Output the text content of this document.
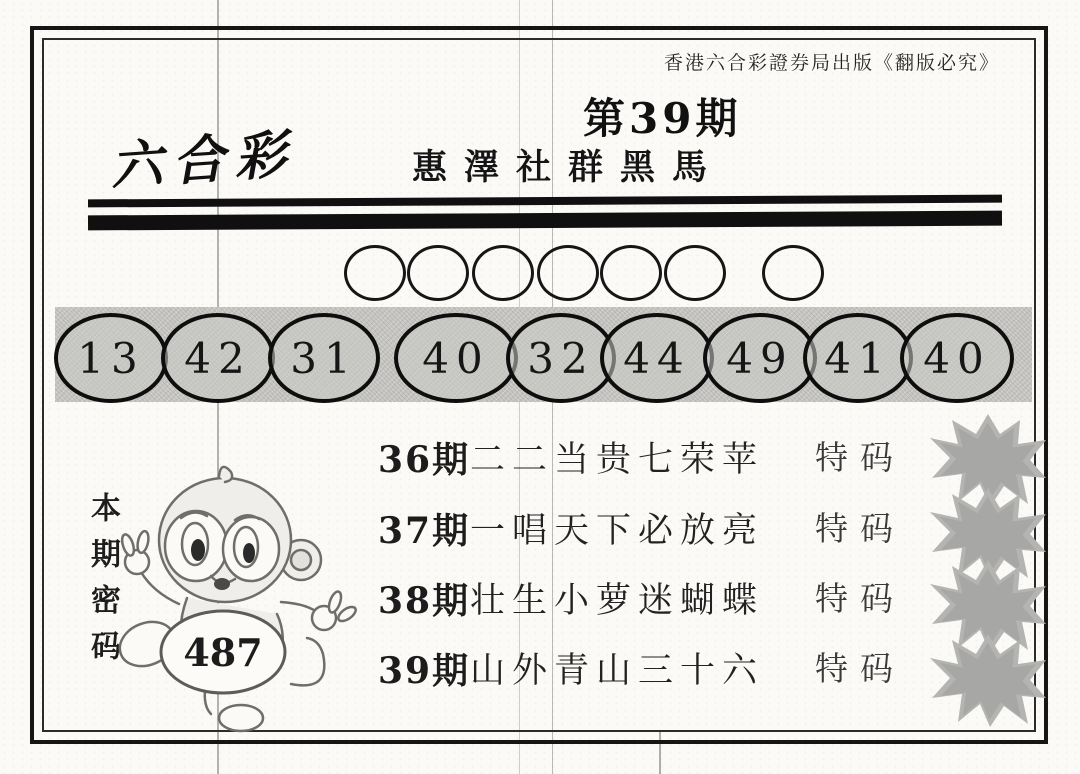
香港六合彩證券局出版《翻版必究》
第39期
六合彩	惠澤社群黑馬
13 42 31	40 32 44 49 41 40
36期 二二当贵七荣苹 特码
37期 一唱天下必放亮 特码
38期 壮生小萝迷蝴蝶 特码
39期 山外青山三十六 特码
本期密码 487
